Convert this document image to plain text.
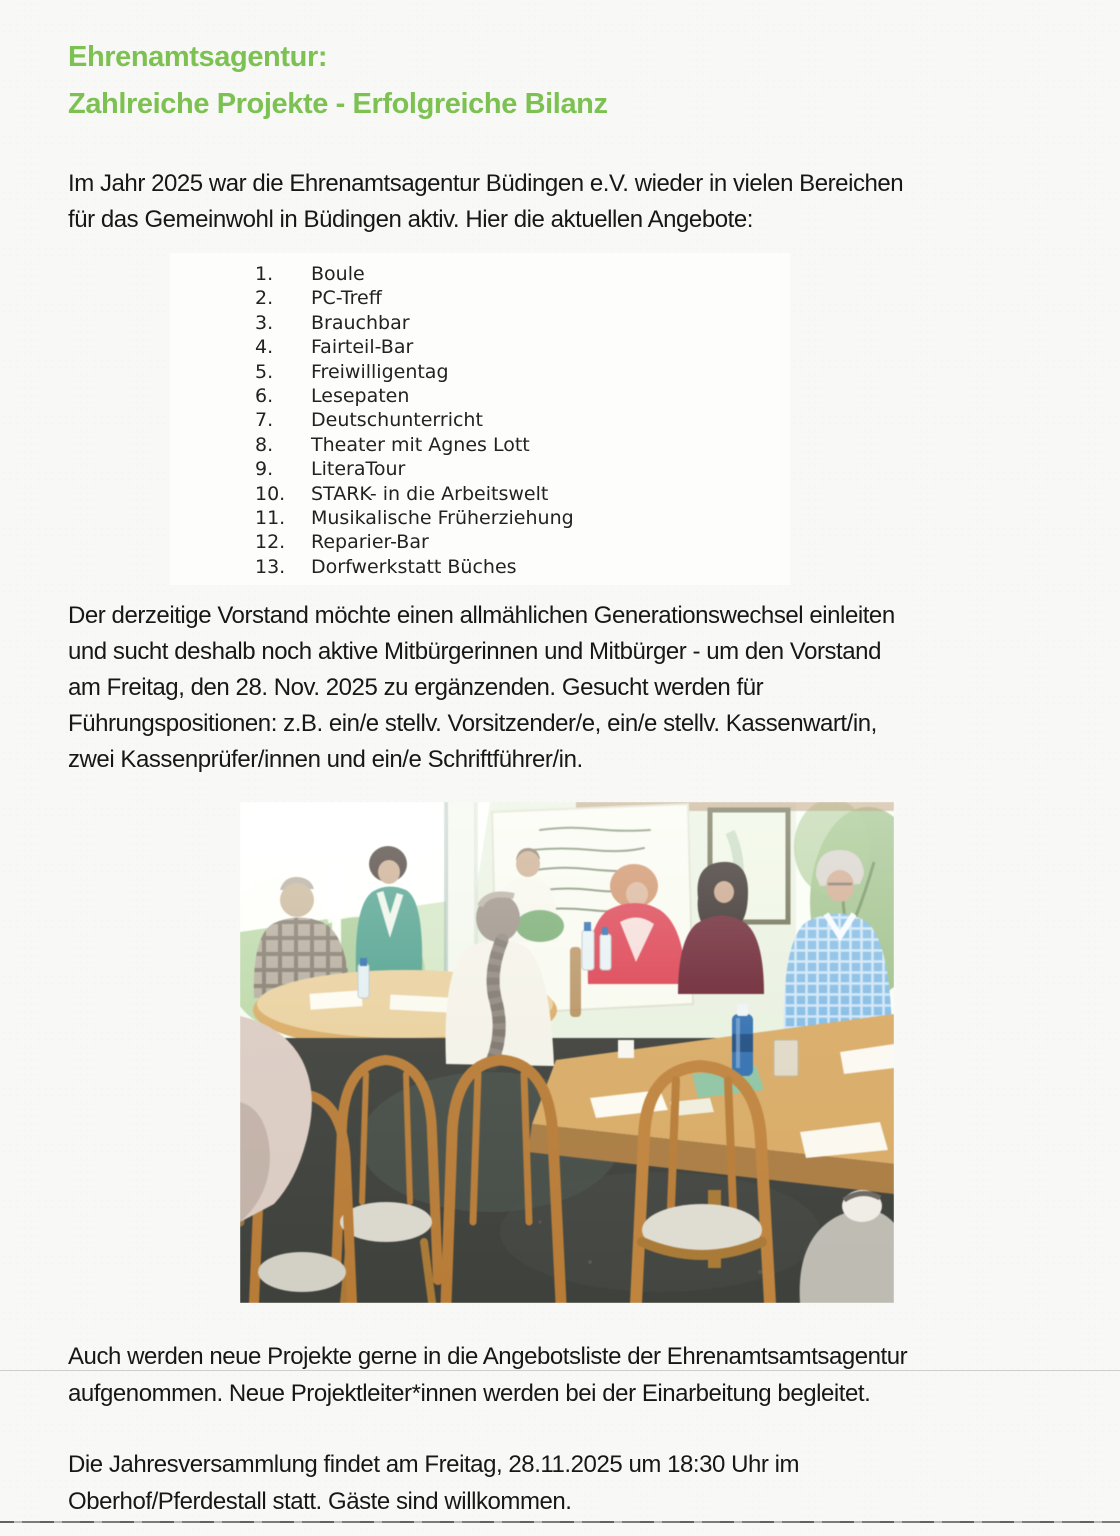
Ehrenamtsagentur:
Zahlreiche Projekte - Erfolgreiche Bilanz
Im Jahr 2025 war die Ehrenamtsagentur Büdingen e.V. wieder in vielen Bereichen
für das Gemeinwohl in Büdingen aktiv. Hier die aktuellen Angebote:
1.	Boule
2.	PC-Treff
3.	Brauchbar
4.	Fairteil-Bar
5.	Freiwilligentag
6.	Lesepaten
7.	Deutschunterricht
8.	Theater mit Agnes Lott
9.	LiteraTour
10.	STARK- in die Arbeitswelt
11.	Musikalische Früherziehung
12.	Reparier-Bar
13.	Dorfwerkstatt Büches
Der derzeitige Vorstand möchte einen allmählichen Generationswechsel einleiten
und sucht deshalb noch aktive Mitbürgerinnen und Mitbürger - um den Vorstand
am Freitag, den 28. Nov. 2025 zu ergänzenden. Gesucht werden für
Führungspositionen: z.B. ein/e stellv. Vorsitzender/e, ein/e stellv. Kassenwart/in,
zwei Kassenprüfer/innen und ein/e Schriftführer/in.
Auch werden neue Projekte gerne in die Angebotsliste der Ehrenamtsamtsagentur
aufgenommen. Neue Projektleiter*innen werden bei der Einarbeitung begleitet.
Die Jahresversammlung findet am Freitag, 28.11.2025 um 18:30 Uhr im
Oberhof/Pferdestall statt. Gäste sind willkommen.
